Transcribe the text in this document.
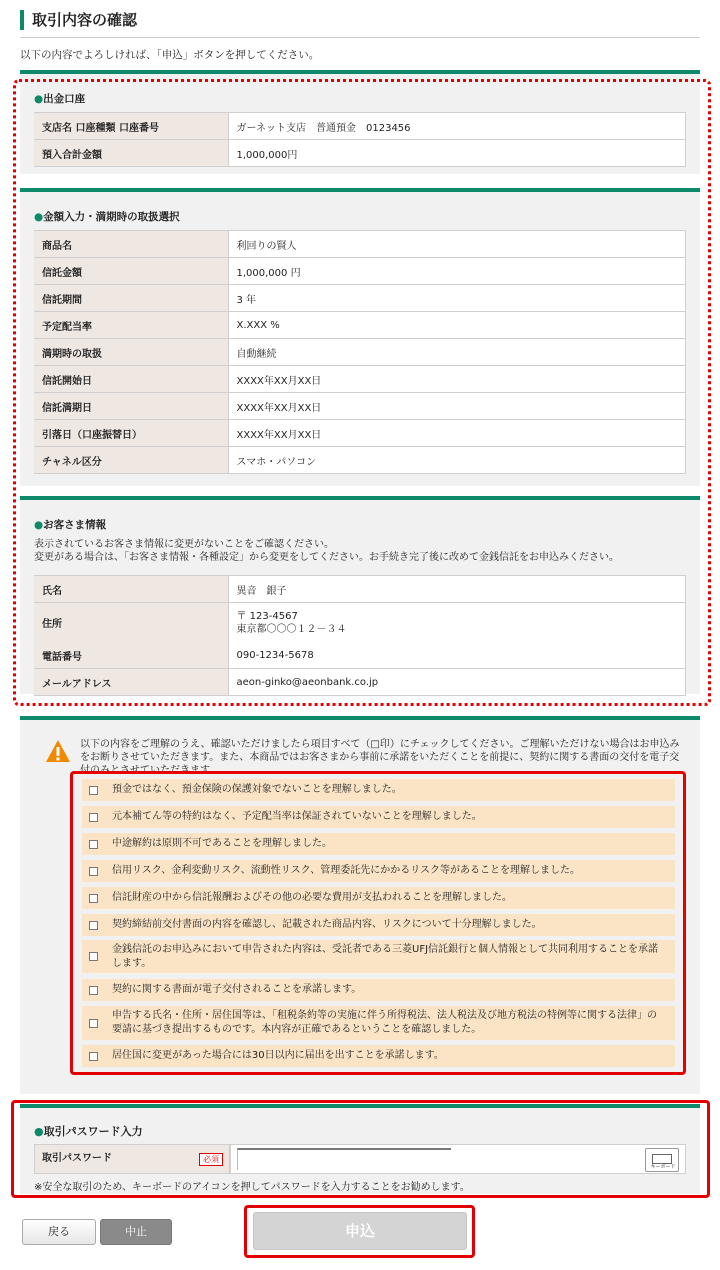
取引内容の確認
以下の内容でよろしければ、「申込」ボタンを押してください。
●出金口座
支店名 口座種類 口座番号	ガーネット支店　普通預金　0123456
預入合計金額	1,000,000円
●金額入力・満期時の取扱選択
商品名	利回りの賢人
信託金額	1,000,000 円
信託期間	3 年
予定配当率	X.XXX %
満期時の取扱	自動継続
信託開始日	XXXX年XX月XX日
信託満期日	XXXX年XX月XX日
引落日（口座振替日）	XXXX年XX月XX日
チャネル区分	スマホ・パソコン
●お客さま情報
表示されているお客さま情報に変更がないことをご確認ください。
変更がある場合は、「お客さま情報・各種設定」から変更をしてください。お手続き完了後に改めて金銭信託をお申込みください。
氏名	異音　銀子
住所	〒 123-4567
東京都〇〇〇１２－３４

電話番号	090-1234-5678
メールアドレス	aeon-ginko@aeonbank.co.jp
以下の内容をご理解のうえ、確認いただけましたら項目すべて（□印）にチェックしてください。ご理解いただけない場合はお申込みをお断りさせていただきます。また、本商品ではお客さまから事前に承諾をいただくことを前提に、契約に関する書面の交付を電子交付のみとさせていただきます。
預金ではなく、預金保険の保護対象でないことを理解しました。
元本補てん等の特約はなく、予定配当率は保証されていないことを理解しました。
中途解約は原則不可であることを理解しました。
信用リスク、金利変動リスク、流動性リスク、管理委託先にかかるリスク等があることを理解しました。
信託財産の中から信託報酬およびその他の必要な費用が支払われることを理解しました。
契約締結前交付書面の内容を確認し、記載された商品内容、リスクについて十分理解しました。
金銭信託のお申込みにおいて申告された内容は、受託者である三菱UFJ信託銀行と個人情報として共同利用することを承諾します。
契約に関する書面が電子交付されることを承諾します。
申告する氏名・住所・居住国等は、「租税条約等の実施に伴う所得税法、法人税法及び地方税法の特例等に関する法律」の要請に基づき提出するものです。本内容が正確であるということを確認しました。
居住国に変更があった場合には30日以内に届出を出すことを承諾します。
●取引パスワード入力
取引パスワード	必須
キーボード
※安全な取引のため、キーボードのアイコンを押してパスワードを入力することをお勧めします。
戻る	中止	申込
